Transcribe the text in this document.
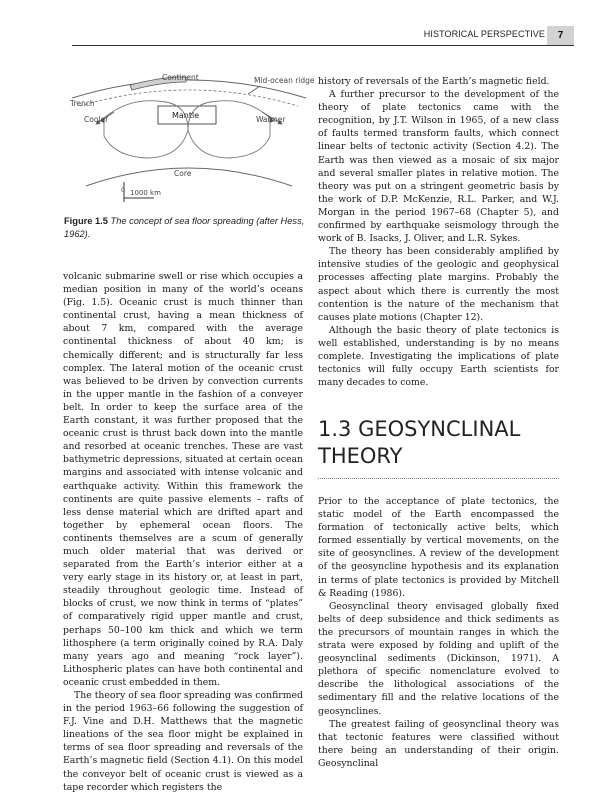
HISTORICAL PERSPECTIVE	7
Continent	Mid-ocean ridge
Trench
Cooler	Mantle	Warmer
Core
0 1000 km
Figure 1.5 The concept of sea floor spreading (after Hess, 1962).

volcanic submarine swell or rise which occupies a median position in many of the world’s oceans (Fig. 1.5). Oceanic crust is much thinner than continental crust, having a mean thickness of about 7 km, compared with the average continental thickness of about 40 km; is chemically different; and is structurally far less complex. The lateral motion of the oceanic crust was believed to be driven by convection currents in the upper mantle in the fashion of a conveyer belt. In order to keep the surface area of the Earth constant, it was further proposed that the oceanic crust is thrust back down into the mantle and resorbed at oceanic trenches. These are vast bathymetric depressions, situated at certain ocean margins and associated with intense volcanic and earthquake activity. Within this framework the continents are quite passive elements – rafts of less dense material which are drifted apart and together by ephemeral ocean floors. The continents themselves are a scum of generally much older material that was derived or separated from the Earth’s interior either at a very early stage in its history or, at least in part, steadily throughout geologic time. Instead of blocks of crust, we now think in terms of “plates” of comparatively rigid upper mantle and crust, perhaps 50–100 km thick and which we term lithosphere (a term originally coined by R.A. Daly many years ago and meaning “rock layer”). Lithospheric plates can have both continental and oceanic crust embedded in them.

The theory of sea floor spreading was confirmed in the period 1963–66 following the suggestion of F.J. Vine and D.H. Matthews that the magnetic lineations of the sea floor might be explained in terms of sea floor spreading and reversals of the Earth’s magnetic field (Section 4.1). On this model the conveyor belt of oceanic crust is viewed as a tape recorder which registers the

history of reversals of the Earth’s magnetic field.

A further precursor to the development of the theory of plate tectonics came with the recognition, by J.T. Wilson in 1965, of a new class of faults termed transform faults, which connect linear belts of tectonic activity (Section 4.2). The Earth was then viewed as a mosaic of six major and several smaller plates in relative motion. The theory was put on a stringent geometric basis by the work of D.P. McKenzie, R.L. Parker, and W.J. Morgan in the period 1967–68 (Chapter 5), and confirmed by earthquake seismology through the work of B. Isacks, J. Oliver, and L.R. Sykes.

The theory has been considerably amplified by intensive studies of the geologic and geophysical processes affecting plate margins. Probably the aspect about which there is currently the most contention is the nature of the mechanism that causes plate motions (Chapter 12).

Although the basic theory of plate tectonics is well established, understanding is by no means complete. Investigating the implications of plate tectonics will fully occupy Earth scientists for many decades to come.

1.3 GEOSYNCLINAL THEORY

Prior to the acceptance of plate tectonics, the static model of the Earth encompassed the formation of tectonically active belts, which formed essentially by vertical movements, on the site of geosynclines. A review of the development of the geosyncline hypothesis and its explanation in terms of plate tectonics is provided by Mitchell & Reading (1986).

Geosynclinal theory envisaged globally fixed belts of deep subsidence and thick sediments as the precursors of mountain ranges in which the strata were exposed by folding and uplift of the geosynclinal sediments (Dickinson, 1971). A plethora of specific nomenclature evolved to describe the lithological associations of the sedimentary fill and the relative locations of the geosynclines.

The greatest failing of geosynclinal theory was that tectonic features were classified without there being an understanding of their origin. Geosynclinal
